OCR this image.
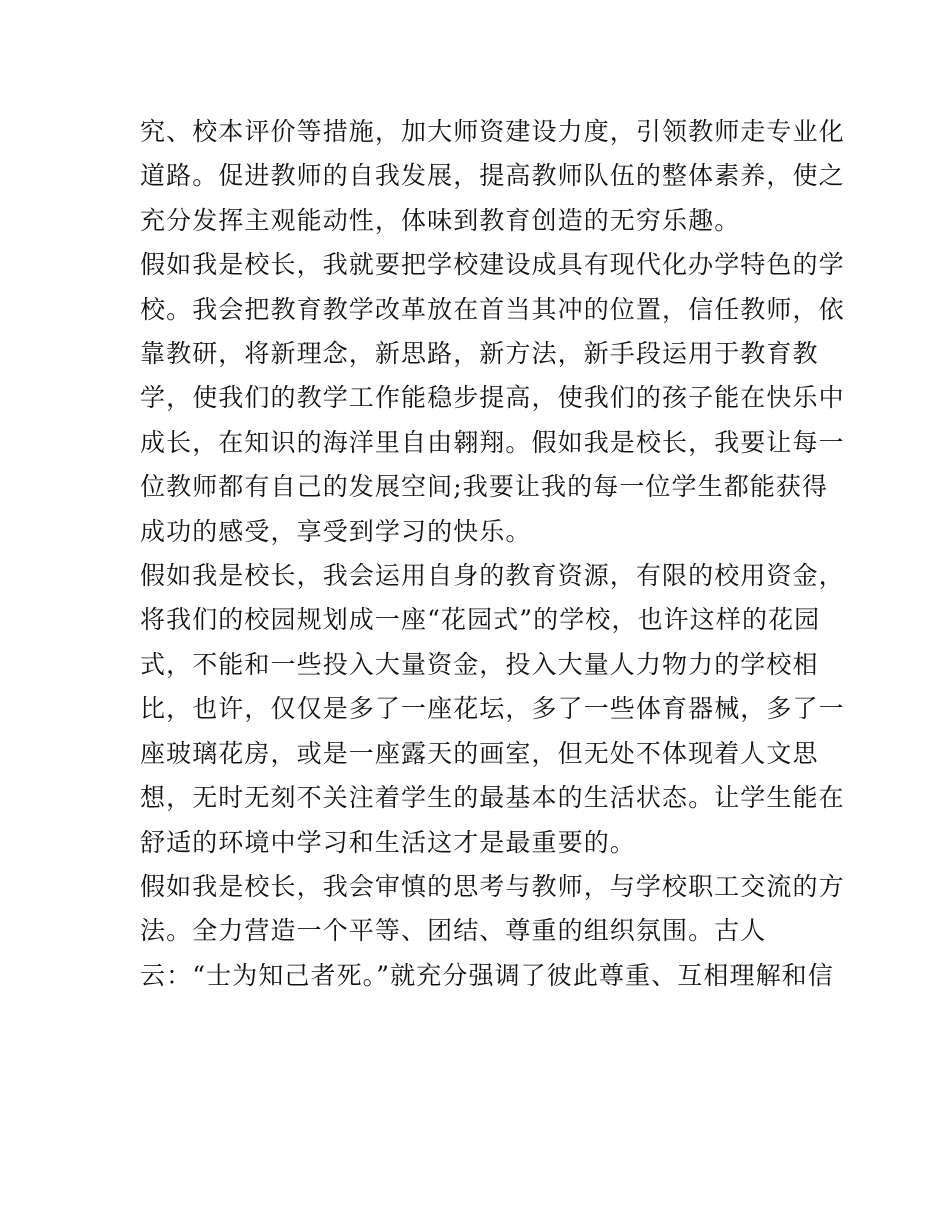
究、校本评价等措施，加大师资建设力度，引领教师走专业化
道路。促进教师的自我发展，提高教师队伍的整体素养，使之
充分发挥主观能动性，体味到教育创造的无穷乐趣。
假如我是校长，我就要把学校建设成具有现代化办学特色的学
校。我会把教育教学改革放在首当其冲的位置，信任教师，依
靠教研，将新理念，新思路，新方法，新手段运用于教育教
学，使我们的教学工作能稳步提高，使我们的孩子能在快乐中
成长，在知识的海洋里自由翱翔。假如我是校长，我要让每一
位教师都有自己的发展空间;我要让我的每一位学生都能获得
成功的感受，享受到学习的快乐。
假如我是校长，我会运用自身的教育资源，有限的校用资金，
将我们的校园规划成一座“花园式”的学校，也许这样的花园
式，不能和一些投入大量资金，投入大量人力物力的学校相
比，也许，仅仅是多了一座花坛，多了一些体育器械，多了一
座玻璃花房，或是一座露天的画室，但无处不体现着人文思
想，无时无刻不关注着学生的最基本的生活状态。让学生能在
舒适的环境中学习和生活这才是最重要的。
假如我是校长，我会审慎的思考与教师，与学校职工交流的方
法。全力营造一个平等、团结、尊重的组织氛围。古人
云：“士为知己者死。”就充分强调了彼此尊重、互相理解和信
